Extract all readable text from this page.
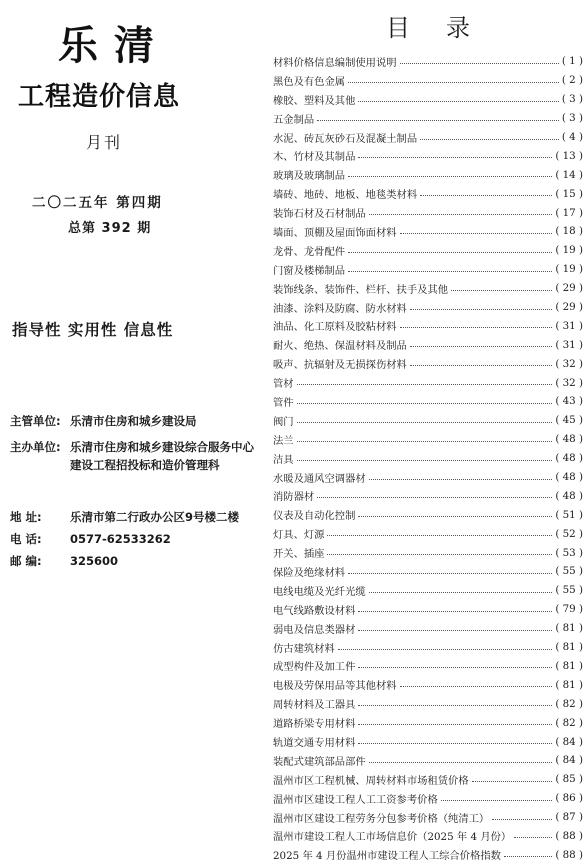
乐清
工程造价信息
月刊
二〇二五年 第四期
总第 392 期
指导性 实用性 信息性
主管单位: 乐清市住房和城乡建设局
主办单位: 乐清市住房和城乡建设综合服务中心
建设工程招投标和造价管理科
地 址: 乐清市第二行政办公区9号楼二楼
电 话: 0577-62533262
邮 编: 325600
目录
材料价格信息编制使用说明	( 1 )
黑色及有色金属	( 2 )
橡胶、塑料及其他	( 3 )
五金制品	( 3 )
水泥、砖瓦灰砂石及混凝土制品	( 4 )
木、竹材及其制品	( 13 )
玻璃及玻璃制品	( 14 )
墙砖、地砖、地板、地毯类材料	( 15 )
装饰石材及石材制品	( 17 )
墙面、顶棚及屋面饰面材料	( 18 )
龙骨、龙骨配件	( 19 )
门窗及楼梯制品	( 19 )
装饰线条、装饰件、栏杆、扶手及其他	( 29 )
油漆、涂料及防腐、防水材料	( 29 )
油品、化工原料及胶粘材料	( 31 )
耐火、绝热、保温材料及制品	( 31 )
吸声、抗辐射及无损探伤材料	( 32 )
管材	( 32 )
管件	( 43 )
阀门	( 45 )
法兰	( 48 )
洁具	( 48 )
水暖及通风空调器材	( 48 )
消防器材	( 48 )
仪表及自动化控制	( 51 )
灯具、灯源	( 52 )
开关、插座	( 53 )
保险及绝缘材料	( 55 )
电线电缆及光纤光缆	( 55 )
电气线路敷设材料	( 79 )
弱电及信息类器材	( 81 )
仿古建筑材料	( 81 )
成型构件及加工件	( 81 )
电极及劳保用品等其他材料	( 81 )
周转材料及工器具	( 82 )
道路桥梁专用材料	( 82 )
轨道交通专用材料	( 84 )
装配式建筑部品部件	( 84 )
温州市区工程机械、周转材料市场租赁价格	( 85 )
温州市区建设工程人工工资参考价格	( 86 )
温州市区建设工程劳务分包参考价格（纯清工）	( 87 )
温州市建设工程人工市场信息价（2025 年 4 月份）	( 88 )
2025 年 4 月份温州市建设工程人工综合价格指数	( 88 )
